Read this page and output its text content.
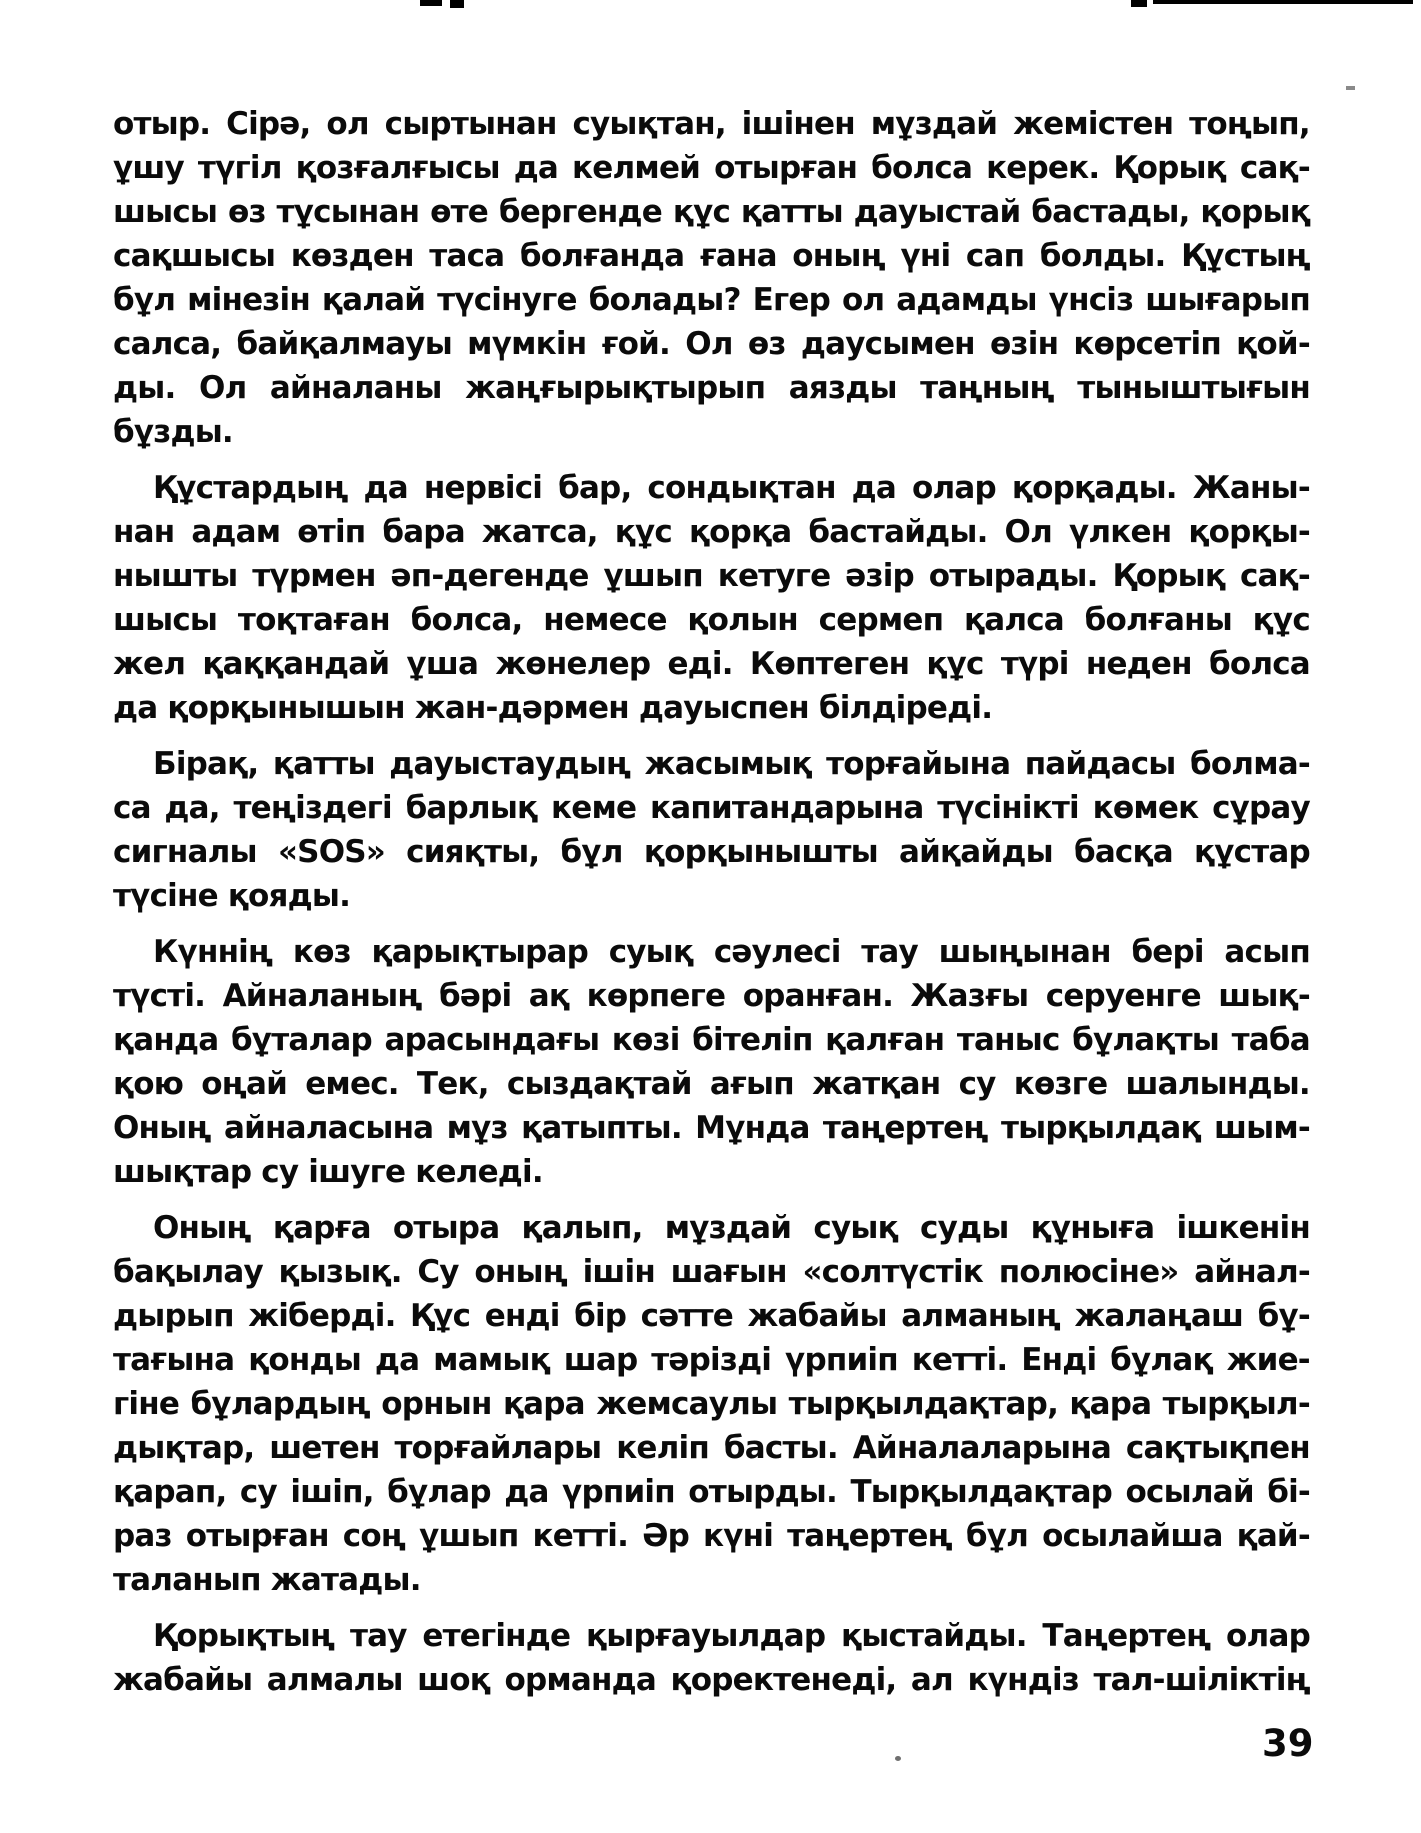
отыр. Сірә, ол сыртынан суықтан, ішінен мұздай жемістен тоңып,
ұшу түгіл қозғалғысы да келмей отырған болса керек. Қорық сақ-
шысы өз тұсынан өте бергенде құс қатты дауыстай бастады, қорық
сақшысы көзден таса болғанда ғана оның үні сап болды. Құстың
бұл мінезін қалай түсінуге болады? Егер ол адамды үнсіз шығарып
салса, байқалмауы мүмкін ғой. Ол өз даусымен өзін көрсетіп қой-
ды. Ол айналаны жаңғырықтырып аязды таңның тыныштығын
бұзды.
Құстардың да нервісі бар, сондықтан да олар қорқады. Жаны-
нан адам өтіп бара жатса, құс қорқа бастайды. Ол үлкен қорқы-
нышты түрмен әп-дегенде ұшып кетуге әзір отырады. Қорық сақ-
шысы тоқтаған болса, немесе қолын сермеп қалса болғаны құс
жел қаққандай ұша жөнелер еді. Көптеген құс түрі неден болса
да қорқынышын жан-дәрмен дауыспен білдіреді.
Бірақ, қатты дауыстаудың жасымық торғайына пайдасы болма-
са да, теңіздегі барлық кеме капитандарына түсінікті көмек сұрау
сигналы «SOS» сияқты, бұл қорқынышты айқайды басқа құстар
түсіне қояды.
Күннің көз қарықтырар суық сәулесі тау шыңынан бері асып
түсті. Айналаның бәрі ақ көрпеге оранған. Жазғы серуенге шық-
қанда бұталар арасындағы көзі бітеліп қалған таныс бұлақты таба
қою оңай емес. Тек, сыздақтай ағып жатқан су көзге шалынды.
Оның айналасына мұз қатыпты. Мұнда таңертең тырқылдақ шым-
шықтар су ішуге келеді.
Оның қарға отыра қалып, мұздай суық суды құныға ішкенін
бақылау қызық. Су оның ішін шағын «солтүстік полюсіне» айнал-
дырып жіберді. Құс енді бір сәтте жабайы алманың жалаңаш бұ-
тағына қонды да мамық шар тәрізді үрпиіп кетті. Енді бұлақ жие-
гіне бұлардың орнын қара жемсаулы тырқылдақтар, қара тырқыл-
дықтар, шетен торғайлары келіп басты. Айналаларына сақтықпен
қарап, су ішіп, бұлар да үрпиіп отырды. Тырқылдақтар осылай бі-
раз отырған соң ұшып кетті. Әр күні таңертең бұл осылайша қай-
таланып жатады.
Қорықтың тау етегінде қырғауылдар қыстайды. Таңертең олар
жабайы алмалы шоқ орманда қоректенеді, ал күндіз тал-шіліктің
39
